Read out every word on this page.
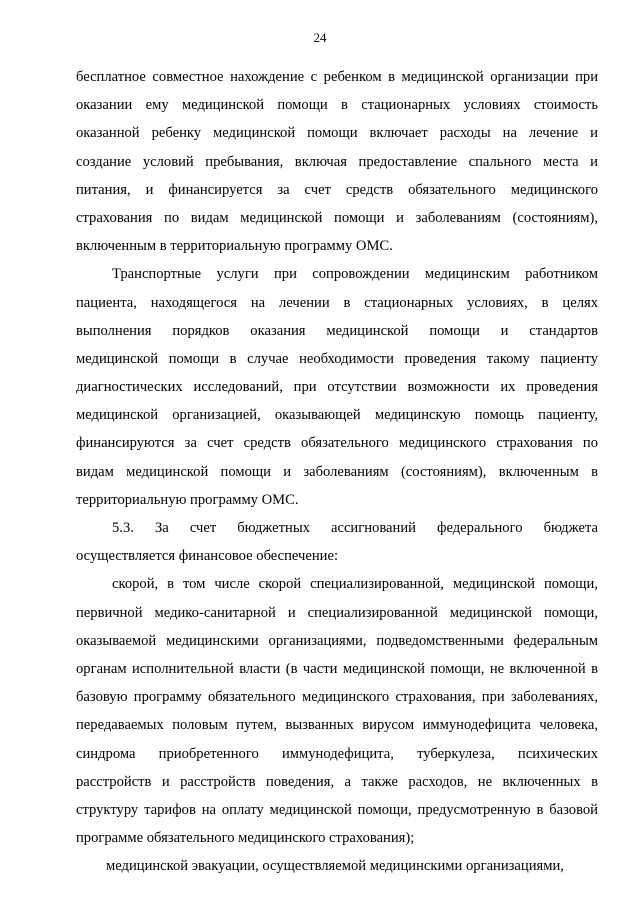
24
бесплатное совместное нахождение с ребенком в медицинской организации при
оказании ему медицинской помощи в стационарных условиях стоимость
оказанной ребенку медицинской помощи включает расходы на лечение и
создание условий пребывания, включая предоставление спального места и
питания, и финансируется за счет средств обязательного медицинского
страхования по видам медицинской помощи и заболеваниям (состояниям),
включенным в территориальную программу ОМС.
Транспортные услуги при сопровождении медицинским работником
пациента, находящегося на лечении в стационарных условиях, в целях
выполнения порядков оказания медицинской помощи и стандартов
медицинской помощи в случае необходимости проведения такому пациенту
диагностических исследований, при отсутствии возможности их проведения
медицинской организацией, оказывающей медицинскую помощь пациенту,
финансируются за счет средств обязательного медицинского страхования по
видам медицинской помощи и заболеваниям (состояниям), включенным в
территориальную программу ОМС.
5.3. За счет бюджетных ассигнований федерального бюджета
осуществляется финансовое обеспечение:
скорой, в том числе скорой специализированной, медицинской помощи,
первичной медико-санитарной и специализированной медицинской помощи,
оказываемой медицинскими организациями, подведомственными федеральным
органам исполнительной власти (в части медицинской помощи, не включенной в
базовую программу обязательного медицинского страхования, при заболеваниях,
передаваемых половым путем, вызванных вирусом иммунодефицита человека,
синдрома приобретенного иммунодефицита, туберкулеза, психических
расстройств и расстройств поведения, а также расходов, не включенных в
структуру тарифов на оплату медицинской помощи, предусмотренную в базовой
программе обязательного медицинского страхования);
медицинской эвакуации, осуществляемой медицинскими организациями,
